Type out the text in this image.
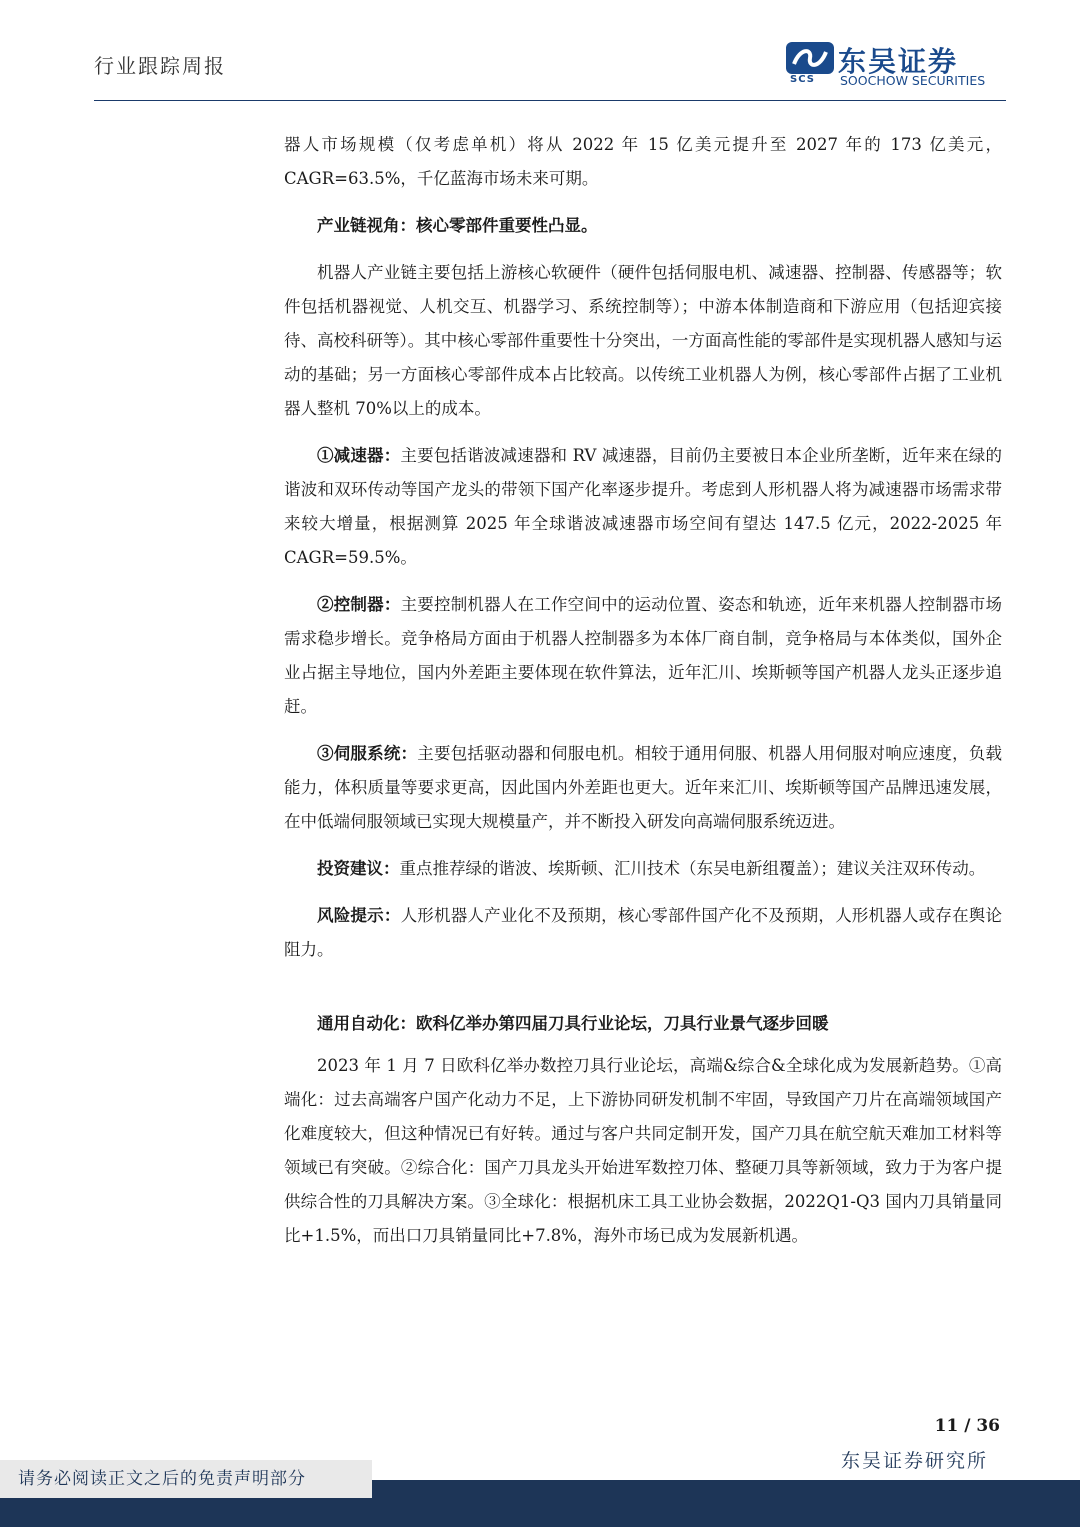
行业跟踪周报
SCS
东吴证券
SOOCHOW SECURITIES

器人市场规模（仅考虑单机）将从 2022 年 15 亿美元提升至 2027 年的 173 亿美元，CAGR=63.5%，千亿蓝海市场未来可期。

产业链视角：核心零部件重要性凸显。

机器人产业链主要包括上游核心软硬件（硬件包括伺服电机、减速器、控制器、传感器等；软件包括机器视觉、人机交互、机器学习、系统控制等）；中游本体制造商和下游应用（包括迎宾接待、高校科研等）。其中核心零部件重要性十分突出，一方面高性能的零部件是实现机器人感知与运动的基础；另一方面核心零部件成本占比较高。以传统工业机器人为例，核心零部件占据了工业机器人整机 70%以上的成本。

①减速器：主要包括谐波减速器和 RV 减速器，目前仍主要被日本企业所垄断，近年来在绿的谐波和双环传动等国产龙头的带领下国产化率逐步提升。考虑到人形机器人将为减速器市场需求带来较大增量，根据测算 2025 年全球谐波减速器市场空间有望达 147.5 亿元，2022-2025 年 CAGR=59.5%。

②控制器：主要控制机器人在工作空间中的运动位置、姿态和轨迹，近年来机器人控制器市场需求稳步增长。竞争格局方面由于机器人控制器多为本体厂商自制，竞争格局与本体类似，国外企业占据主导地位，国内外差距主要体现在软件算法，近年汇川、埃斯顿等国产机器人龙头正逐步追赶。

③伺服系统：主要包括驱动器和伺服电机。相较于通用伺服、机器人用伺服对响应速度，负载能力，体积质量等要求更高，因此国内外差距也更大。近年来汇川、埃斯顿等国产品牌迅速发展，在中低端伺服领域已实现大规模量产，并不断投入研发向高端伺服系统迈进。

投资建议：重点推荐绿的谐波、埃斯顿、汇川技术（东吴电新组覆盖）；建议关注双环传动。

风险提示：人形机器人产业化不及预期，核心零部件国产化不及预期，人形机器人或存在舆论阻力。

通用自动化：欧科亿举办第四届刀具行业论坛，刀具行业景气逐步回暖

2023 年 1 月 7 日欧科亿举办数控刀具行业论坛，高端&综合&全球化成为发展新趋势。①高端化：过去高端客户国产化动力不足，上下游协同研发机制不牢固，导致国产刀片在高端领域国产化难度较大，但这种情况已有好转。通过与客户共同定制开发，国产刀具在航空航天难加工材料等领域已有突破。②综合化：国产刀具龙头开始进军数控刀体、整硬刀具等新领域，致力于为客户提供综合性的刀具解决方案。③全球化：根据机床工具工业协会数据，2022Q1-Q3 国内刀具销量同比+1.5%，而出口刀具销量同比+7.8%，海外市场已成为发展新机遇。

11 / 36
请务必阅读正文之后的免责声明部分
东吴证券研究所
